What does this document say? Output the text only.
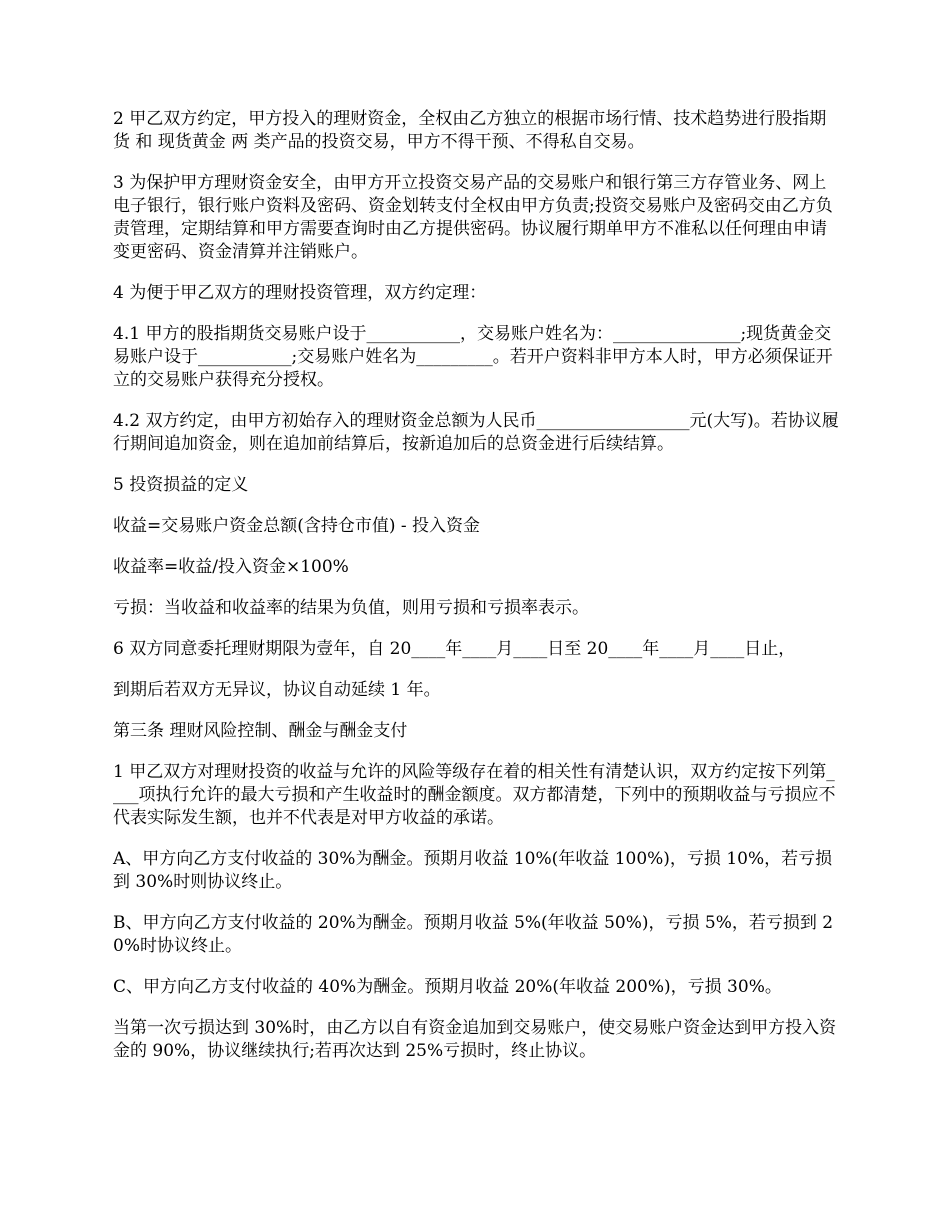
2 甲乙双方约定，甲方投入的理财资金，全权由乙方独立的根据市场行情、技术趋势进行股指期货 和 现货黄金 两 类产品的投资交易，甲方不得干预、不得私自交易。

3 为保护甲方理财资金安全，由甲方开立投资交易产品的交易账户和银行第三方存管业务、网上电子银行，银行账户资料及密码、资金划转支付全权由甲方负责;投资交易账户及密码交由乙方负责管理，定期结算和甲方需要查询时由乙方提供密码。协议履行期单甲方不准私以任何理由申请变更密码、资金清算并注销账户。

4 为便于甲乙双方的理财投资管理，双方约定理：

4.1 甲方的股指期货交易账户设于___________，交易账户姓名为：_______________;现货黄金交易账户设于___________;交易账户姓名为_________。若开户资料非甲方本人时，甲方必须保证开立的交易账户获得充分授权。

4.2 双方约定，由甲方初始存入的理财资金总额为人民币__________________元(大写)。若协议履行期间追加资金，则在追加前结算后，按新追加后的总资金进行后续结算。

5 投资损益的定义

收益=交易账户资金总额(含持仓市值) - 投入资金

收益率=收益/投入资金×100%

亏损：当收益和收益率的结果为负值，则用亏损和亏损率表示。

6 双方同意委托理财期限为壹年，自 20____年____月____日至 20____年____月____日止，

到期后若双方无异议，协议自动延续 1 年。

第三条 理财风险控制、酬金与酬金支付

1 甲乙双方对理财投资的收益与允许的风险等级存在着的相关性有清楚认识，双方约定按下列第____项执行允许的最大亏损和产生收益时的酬金额度。双方都清楚，下列中的预期收益与亏损应不代表实际发生额，也并不代表是对甲方收益的承诺。

A、甲方向乙方支付收益的 30%为酬金。预期月收益 10%(年收益 100%)，亏损 10%，若亏损到 30%时则协议终止。

B、甲方向乙方支付收益的 20%为酬金。预期月收益 5%(年收益 50%)，亏损 5%，若亏损到 20%时协议终止。

C、甲方向乙方支付收益的 40%为酬金。预期月收益 20%(年收益 200%)，亏损 30%。

当第一次亏损达到 30%时，由乙方以自有资金追加到交易账户，使交易账户资金达到甲方投入资金的 90%，协议继续执行;若再次达到 25%亏损时，终止协议。
